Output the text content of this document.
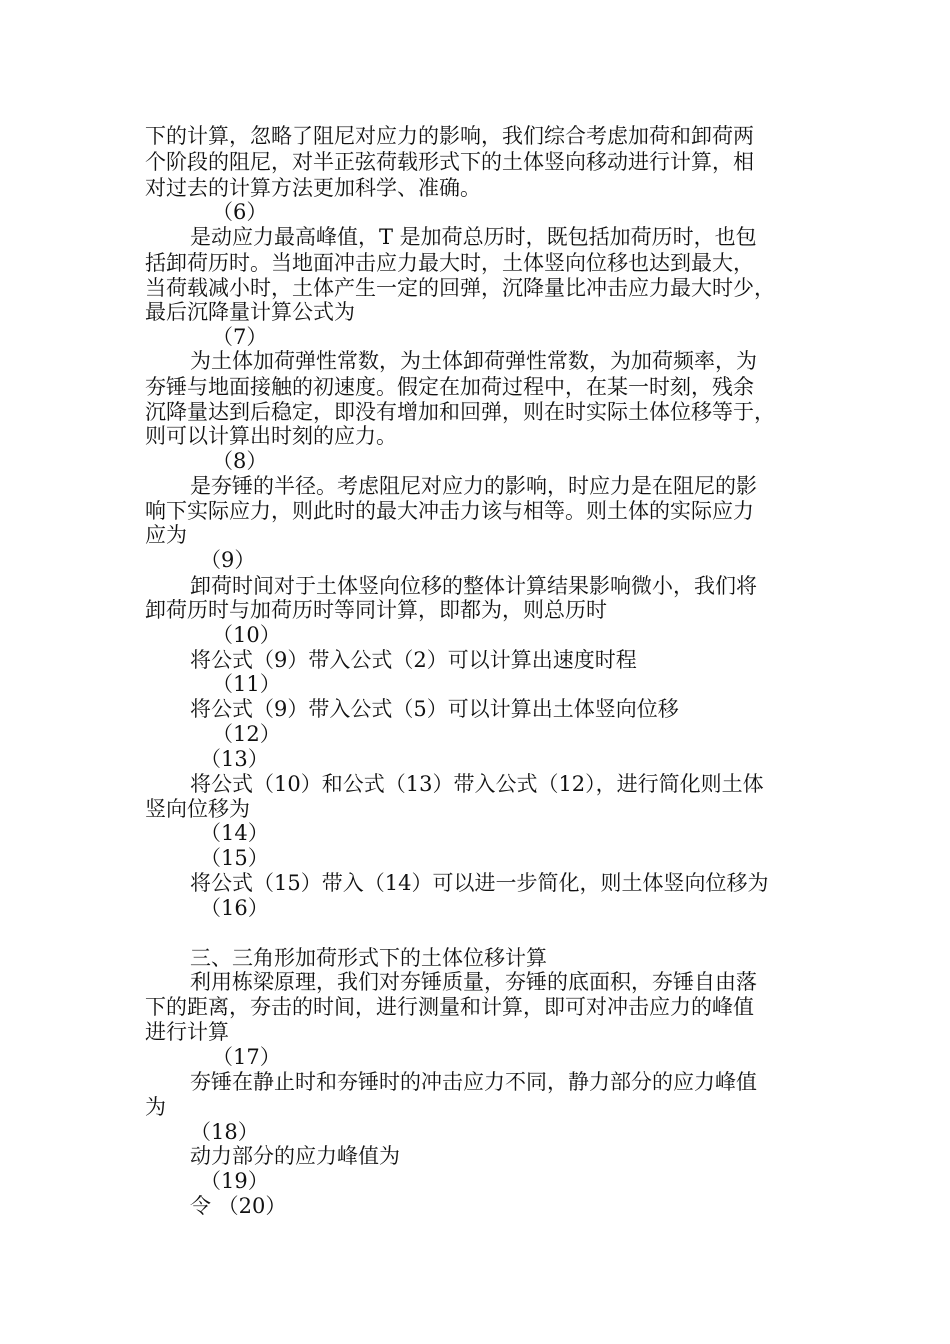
下的计算，忽略了阻尼对应力的影响，我们综合考虑加荷和卸荷两
个阶段的阻尼，对半正弦荷载形式下的土体竖向移动进行计算，相
对过去的计算方法更加科学、准确。
（6）
是动应力最高峰值，T 是加荷总历时，既包括加荷历时，也包
括卸荷历时。当地面冲击应力最大时，土体竖向位移也达到最大，
当荷载减小时，土体产生一定的回弹，沉降量比冲击应力最大时少，
最后沉降量计算公式为
（7）
为土体加荷弹性常数，为土体卸荷弹性常数，为加荷频率，为
夯锤与地面接触的初速度。假定在加荷过程中，在某一时刻，残余
沉降量达到后稳定，即没有增加和回弹，则在时实际土体位移等于，
则可以计算出时刻的应力。
（8）
是夯锤的半径。考虑阻尼对应力的影响，时应力是在阻尼的影
响下实际应力，则此时的最大冲击力该与相等。则土体的实际应力
应为
（9）
卸荷时间对于土体竖向位移的整体计算结果影响微小，我们将
卸荷历时与加荷历时等同计算，即都为，则总历时
（10）
将公式（9）带入公式（2）可以计算出速度时程
（11）
将公式（9）带入公式（5）可以计算出土体竖向位移
（12）
（13）
将公式（10）和公式（13）带入公式（12），进行简化则土体
竖向位移为
（14）
（15）
将公式（15）带入（14）可以进一步简化，则土体竖向位移为
（16）
三、三角形加荷形式下的土体位移计算
利用栋梁原理，我们对夯锤质量，夯锤的底面积，夯锤自由落
下的距离，夯击的时间，进行测量和计算，即可对冲击应力的峰值
进行计算
（17）
夯锤在静止时和夯锤时的冲击应力不同，静力部分的应力峰值
为
（18）
动力部分的应力峰值为
（19）
令 （20）
